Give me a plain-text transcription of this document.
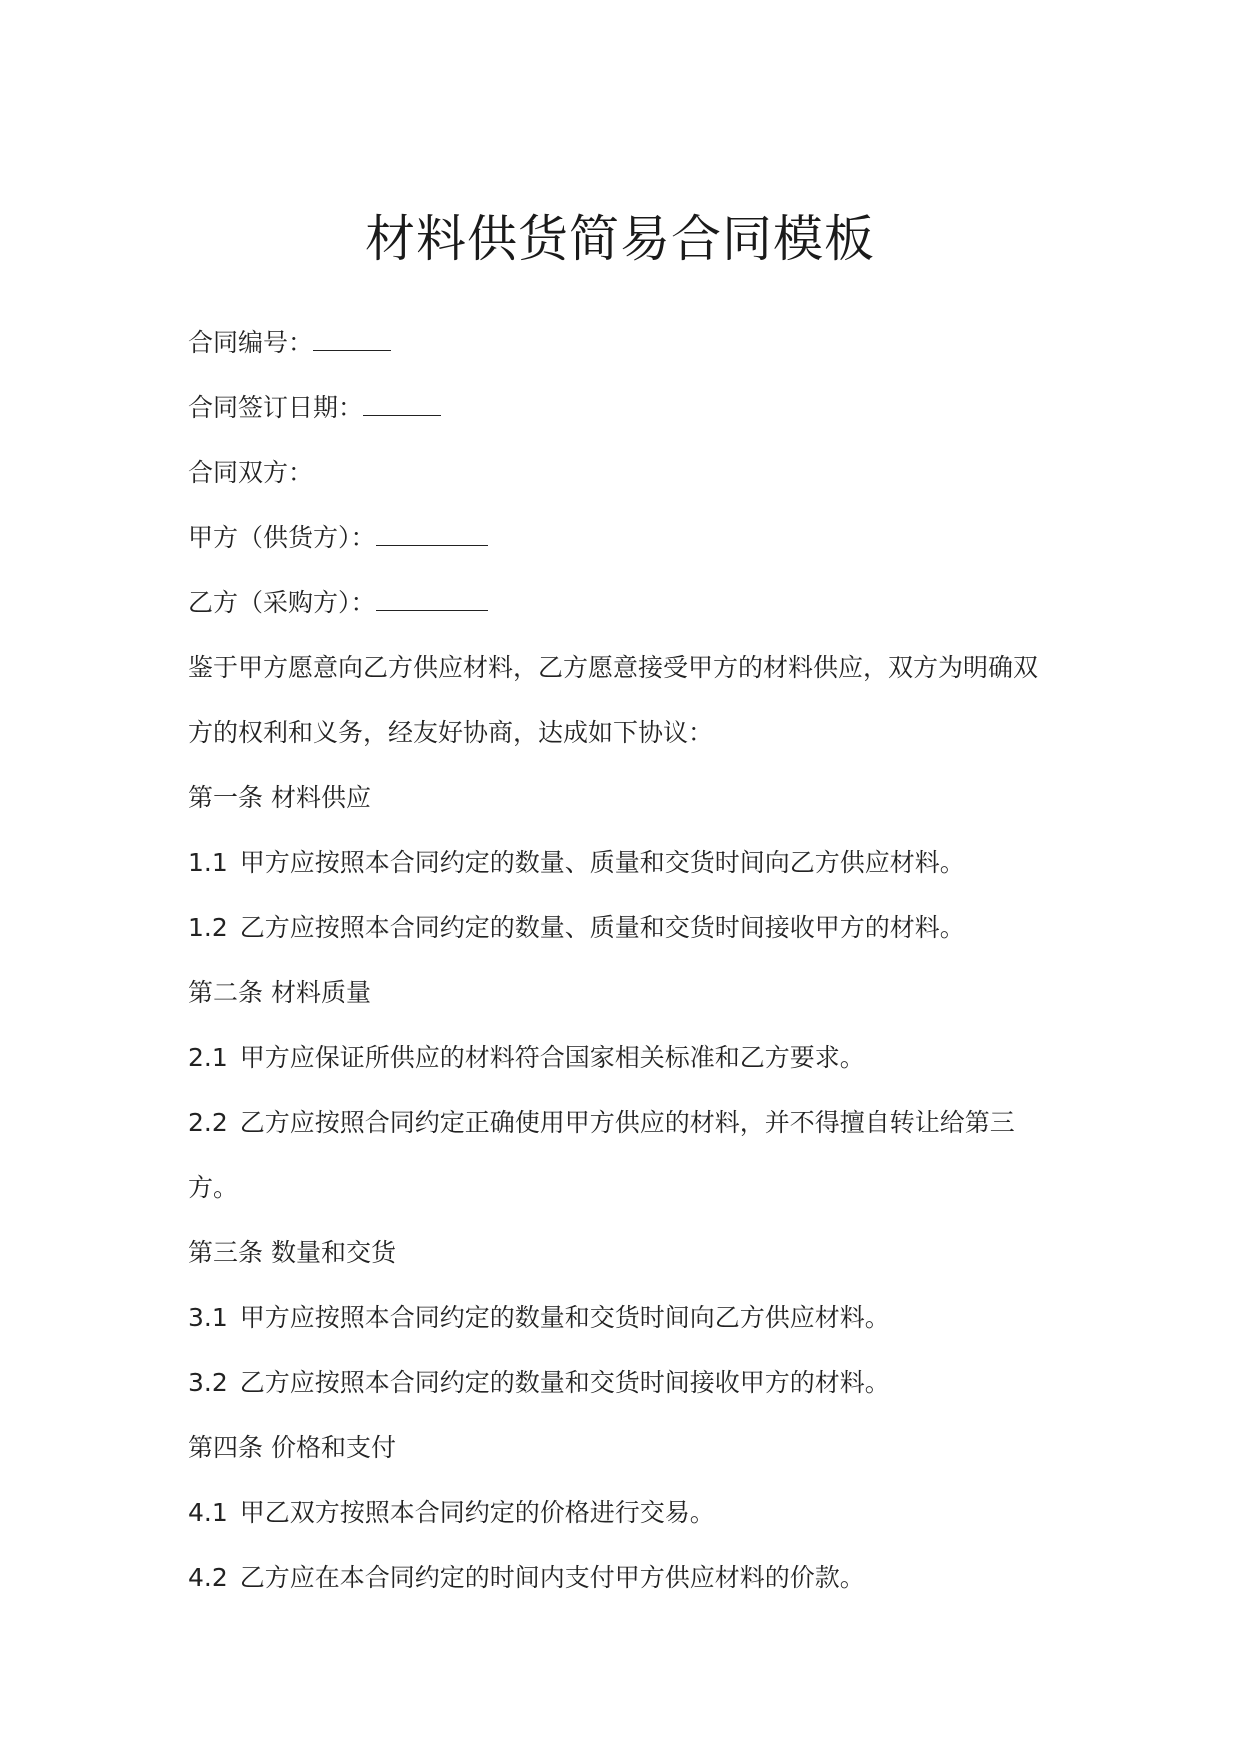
材料供货简易合同模板
合同编号：
合同签订日期：
合同双方：
甲方（供货方）：
乙方（采购方）：
鉴于甲方愿意向乙方供应材料，乙方愿意接受甲方的材料供应，双方为明确双
方的权利和义务，经友好协商，达成如下协议：
第一条 材料供应
1.1 甲方应按照本合同约定的数量、质量和交货时间向乙方供应材料。
1.2 乙方应按照本合同约定的数量、质量和交货时间接收甲方的材料。
第二条 材料质量
2.1 甲方应保证所供应的材料符合国家相关标准和乙方要求。
2.2 乙方应按照合同约定正确使用甲方供应的材料，并不得擅自转让给第三
方。
第三条 数量和交货
3.1 甲方应按照本合同约定的数量和交货时间向乙方供应材料。
3.2 乙方应按照本合同约定的数量和交货时间接收甲方的材料。
第四条 价格和支付
4.1 甲乙双方按照本合同约定的价格进行交易。
4.2 乙方应在本合同约定的时间内支付甲方供应材料的价款。
